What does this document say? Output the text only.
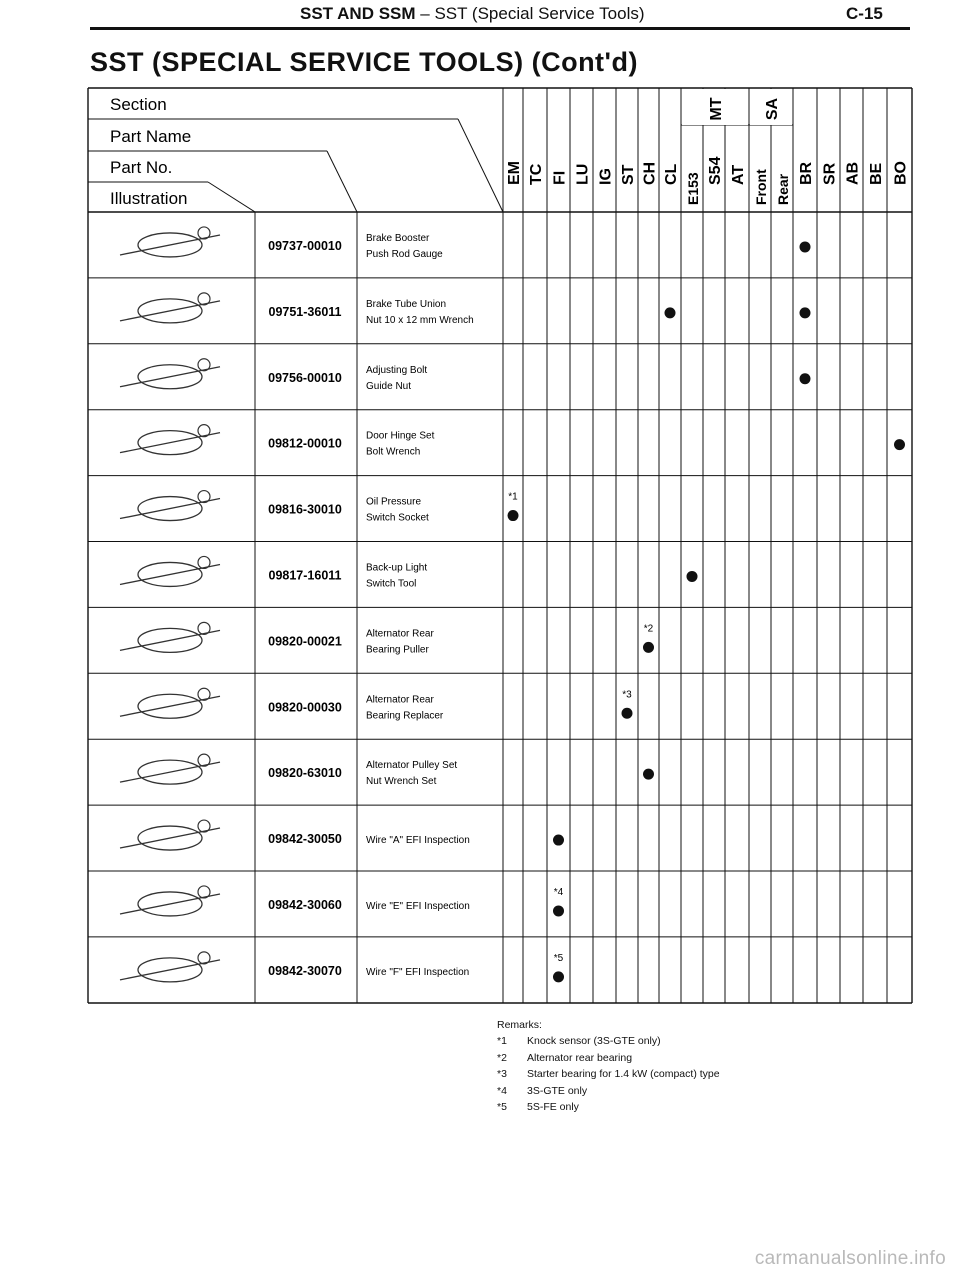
SST AND SSM – SST (Special Service Tools)	C-15
SST (SPECIAL SERVICE TOOLS) (Cont'd)
Section
Part Name
Part No.
Illustration
MT SA
EM TC FI LU IG ST CH CL E153
S54 AT Front Rear
BR SR AB BE BO
09737-00010
Brake Booster
Push Rod Gauge
09751-36011
Brake Tube Union
Nut 10 x 12 mm Wrench
09756-00010
Adjusting Bolt
Guide Nut
09812-00010
Door Hinge Set
Bolt Wrench
09816-30010
Oil Pressure
Switch Socket
*1
09817-16011
Back-up Light
Switch Tool
09820-00021
Alternator Rear
Bearing Puller
*2
09820-00030
Alternator Rear
Bearing Replacer
*3
09820-63010
Alternator Pulley Set
Nut Wrench Set
09842-30050 Wire "A" EFI Inspection
09842-30060 Wire "E" EFI Inspection
*4
09842-30070 Wire "F" EFI Inspection
*5
Remarks:
*1 Knock sensor (3S-GTE only)
*2 Alternator rear bearing
*3 Starter bearing for 1.4 kW (compact) type
*4 3S-GTE only
*5 5S-FE only
carmanualsonline.info
